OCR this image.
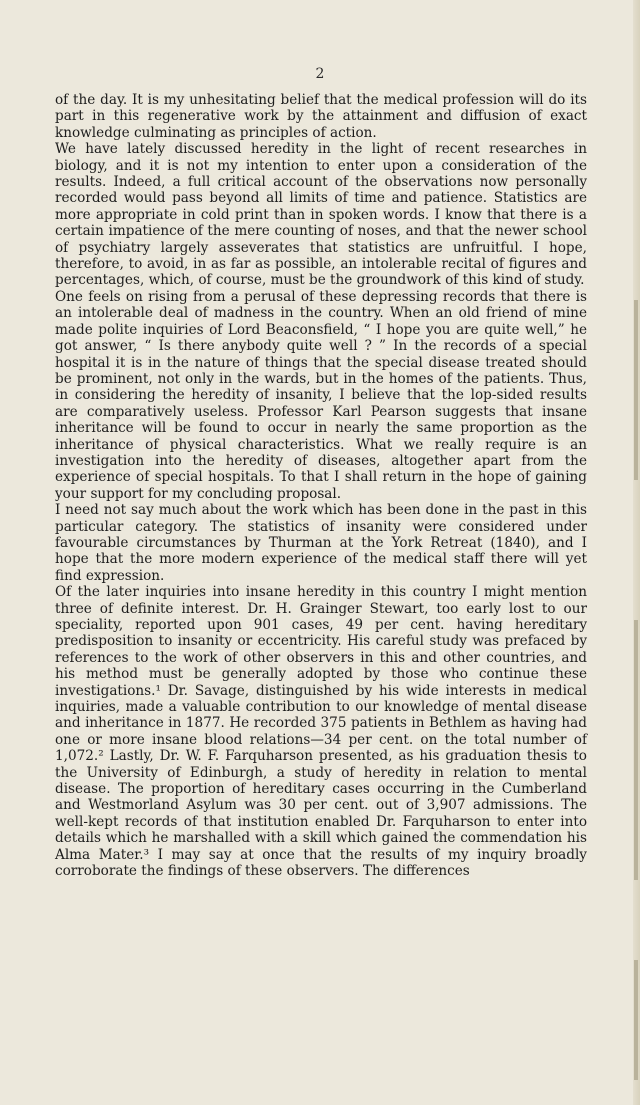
2

of the day. It is my unhesitating belief that the medical profession will do its part in this regenerative work by the attainment and diffusion of exact knowledge culminating as principles of action.

We have lately discussed heredity in the light of recent researches in biology, and it is not my intention to enter upon a consideration of the results. Indeed, a full critical account of the observations now personally recorded would pass beyond all limits of time and patience. Statistics are more appropriate in cold print than in spoken words. I know that there is a certain impatience of the mere counting of noses, and that the newer school of psychiatry largely asseverates that statistics are unfruitful. I hope, therefore, to avoid, in as far as possible, an intolerable recital of figures and percentages, which, of course, must be the groundwork of this kind of study.

One feels on rising from a perusal of these depressing records that there is an intolerable deal of madness in the country. When an old friend of mine made polite inquiries of Lord Beaconsfield, “ I hope you are quite well,” he got answer, “ Is there anybody quite well ? ” In the records of a special hospital it is in the nature of things that the special disease treated should be prominent, not only in the wards, but in the homes of the patients. Thus, in considering the heredity of insanity, I believe that the lop-sided results are comparatively useless. Professor Karl Pearson suggests that insane inheritance will be found to occur in nearly the same proportion as the inheritance of physical characteristics. What we really require is an investigation into the heredity of diseases, altogether apart from the experience of special hospitals. To that I shall return in the hope of gaining your support for my concluding proposal.

I need not say much about the work which has been done in the past in this particular category. The statistics of insanity were considered under favourable circumstances by Thurman at the York Retreat (1840), and I hope that the more modern experience of the medical staff there will yet find expression.

Of the later inquiries into insane heredity in this country I might mention three of definite interest. Dr. H. Grainger Stewart, too early lost to our speciality, reported upon 901 cases, 49 per cent. having hereditary predisposition to insanity or eccentricity. His careful study was prefaced by references to the work of other observers in this and other countries, and his method must be generally adopted by those who continue these investigations.¹ Dr. Savage, distinguished by his wide interests in medical inquiries, made a valuable contribution to our knowledge of mental disease and inheritance in 1877. He recorded 375 patients in Bethlem as having had one or more insane blood relations—34 per cent. on the total number of 1,072.² Lastly, Dr. W. F. Farquharson presented, as his graduation thesis to the University of Edinburgh, a study of heredity in relation to mental disease. The proportion of hereditary cases occurring in the Cumberland and Westmorland Asylum was 30 per cent. out of 3,907 admissions. The well-kept records of that institution enabled Dr. Farquharson to enter into details which he marshalled with a skill which gained the commendation his Alma Mater.³ I may say at once that the results of my inquiry broadly corroborate the findings of these observers. The differences
